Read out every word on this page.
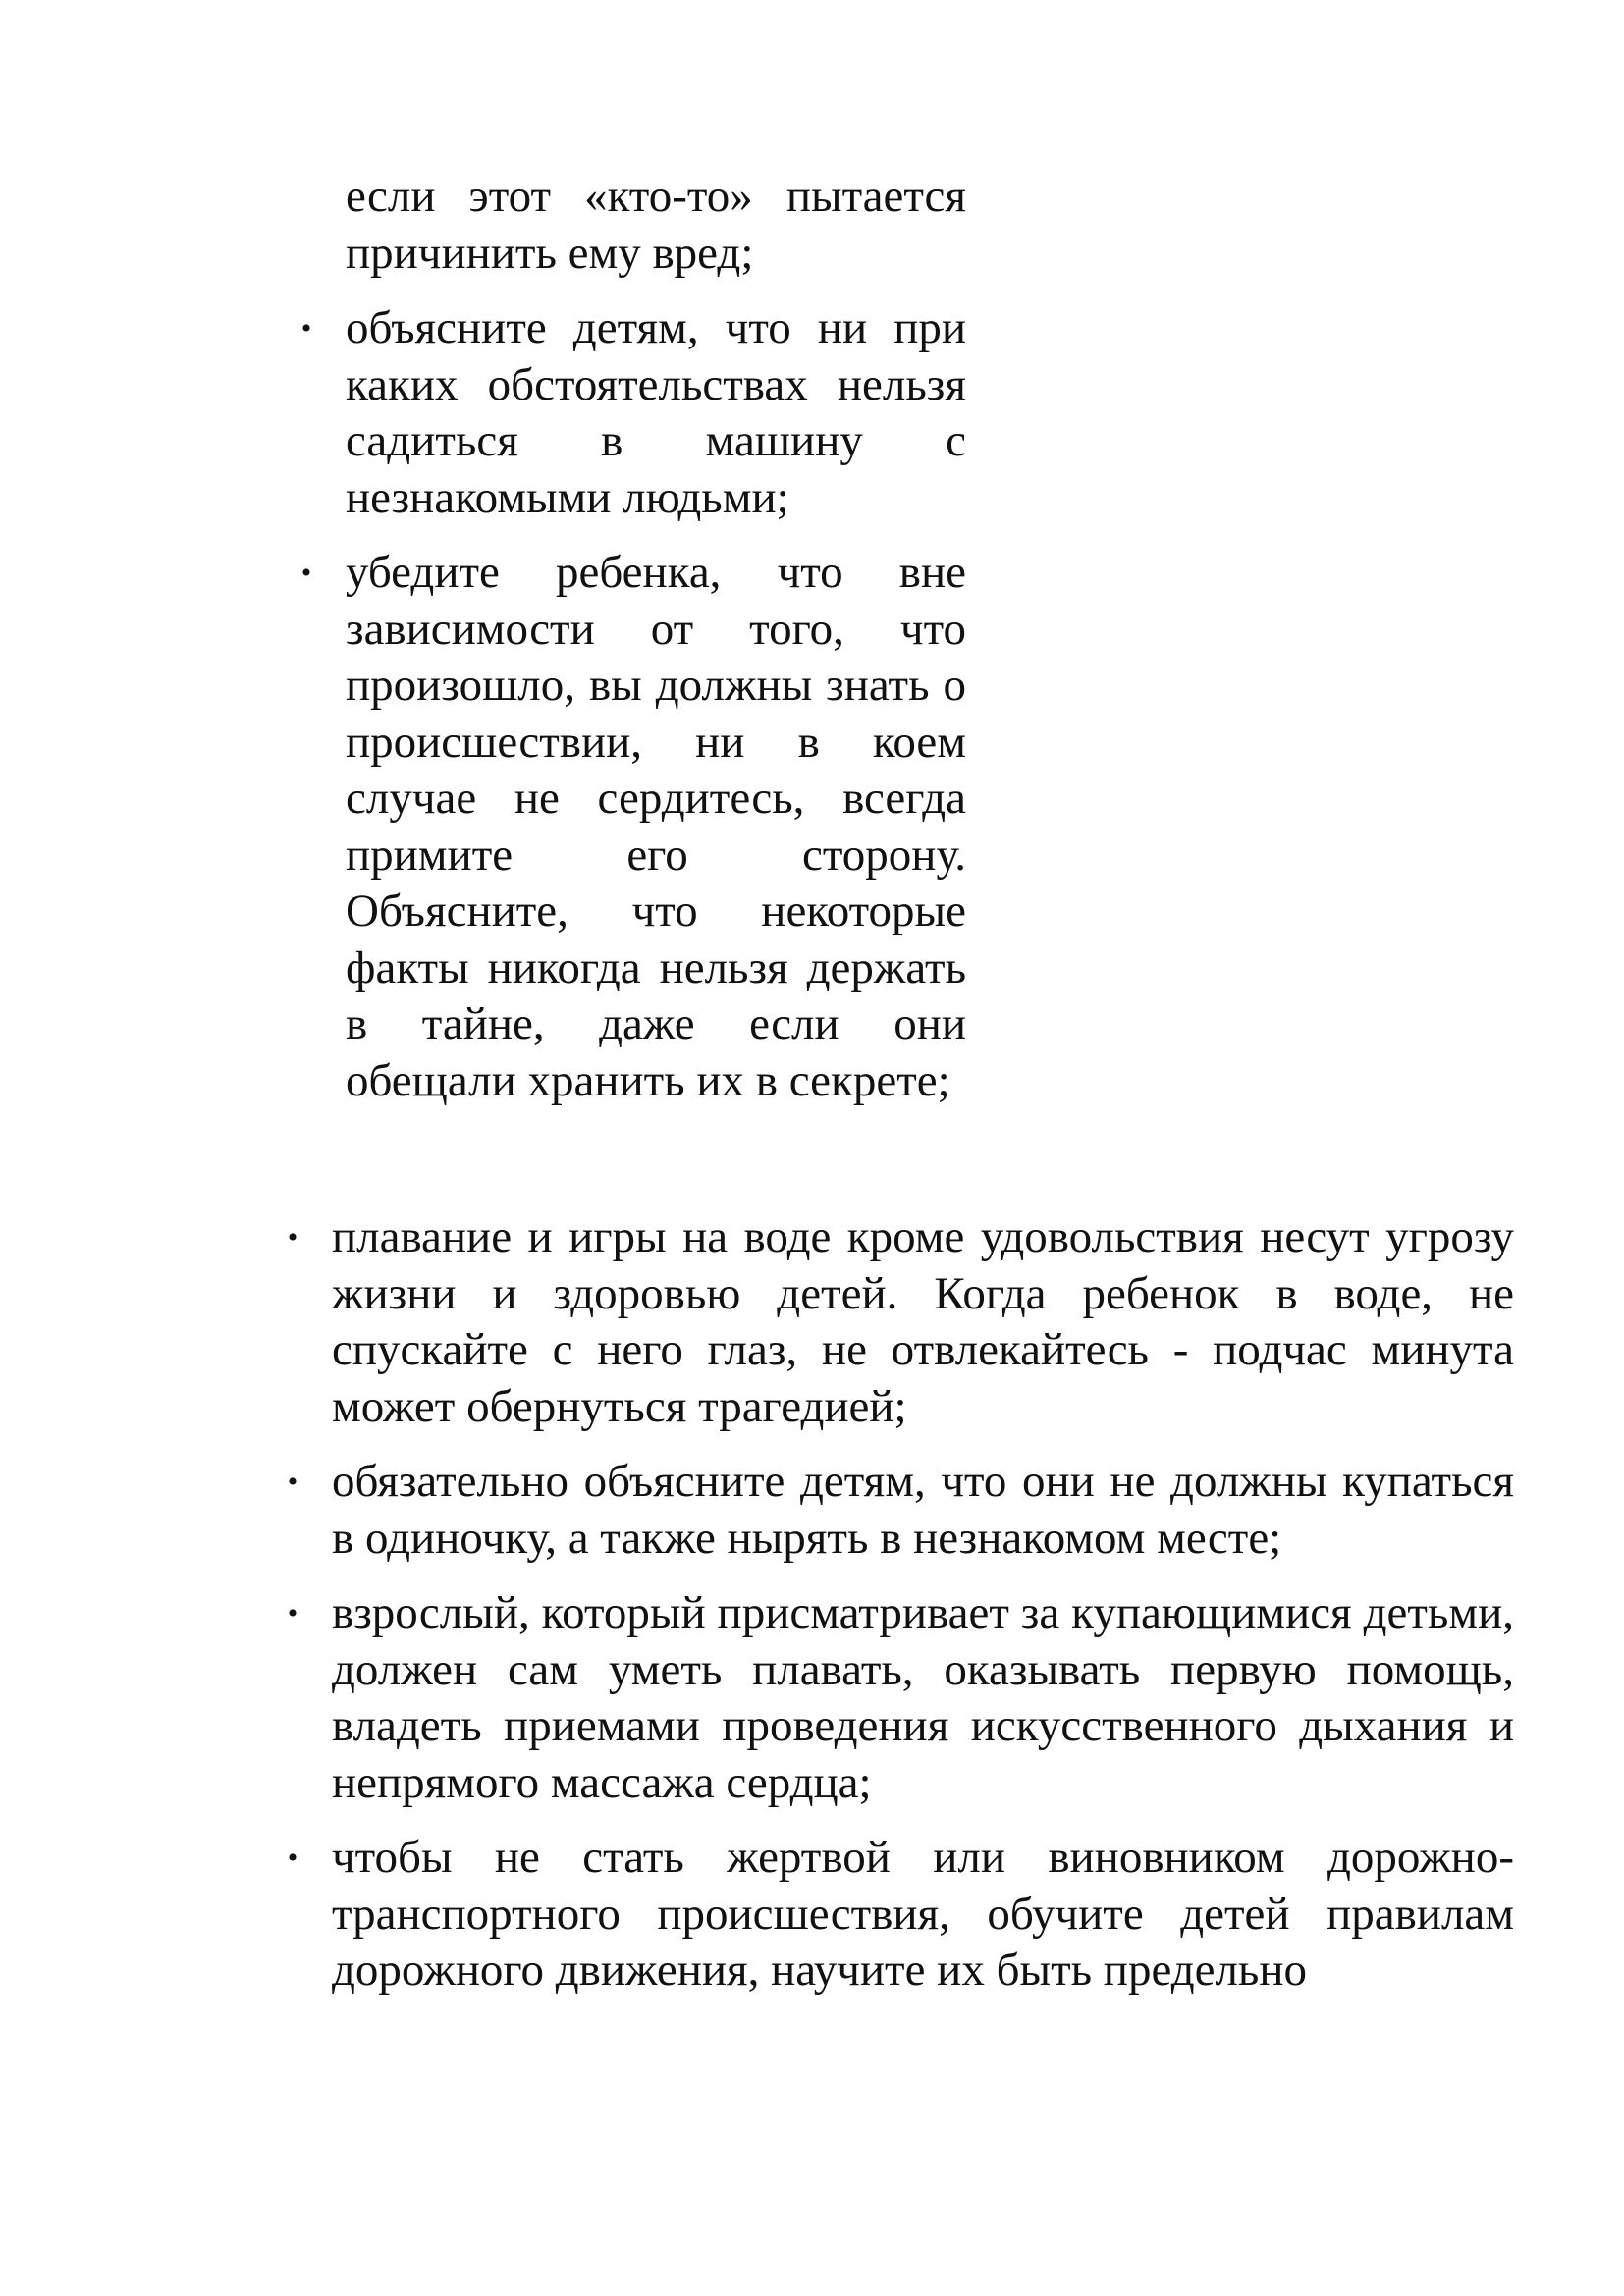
если этот «кто-то» пытается причинить ему вред;

• объясните детям, что ни при каких обстоятельствах нельзя садиться в машину с незнакомыми людьми;

• убедите ребенка, что вне зависимости от того, что произошло, вы должны знать о происшествии, ни в коем случае не сердитесь, всегда примите его сторону. Объясните, что некоторые факты никогда нельзя держать в тайне, даже если они обещали хранить их в секрете;

• плавание и игры на воде кроме удовольствия несут угрозу жизни и здоровью детей. Когда ребенок в воде, не спускайте с него глаз, не отвлекайтесь - подчас минута может обернуться трагедией;

• обязательно объясните детям, что они не должны купаться в одиночку, а также нырять в незнакомом месте;

• взрослый, который присматривает за купающимися детьми, должен сам уметь плавать, оказывать первую помощь, владеть приемами проведения искусственного дыхания и непрямого массажа сердца;

• чтобы не стать жертвой или виновником дорожно-транспортного происшествия, обучите детей правилам дорожного движения, научите их быть предельно
